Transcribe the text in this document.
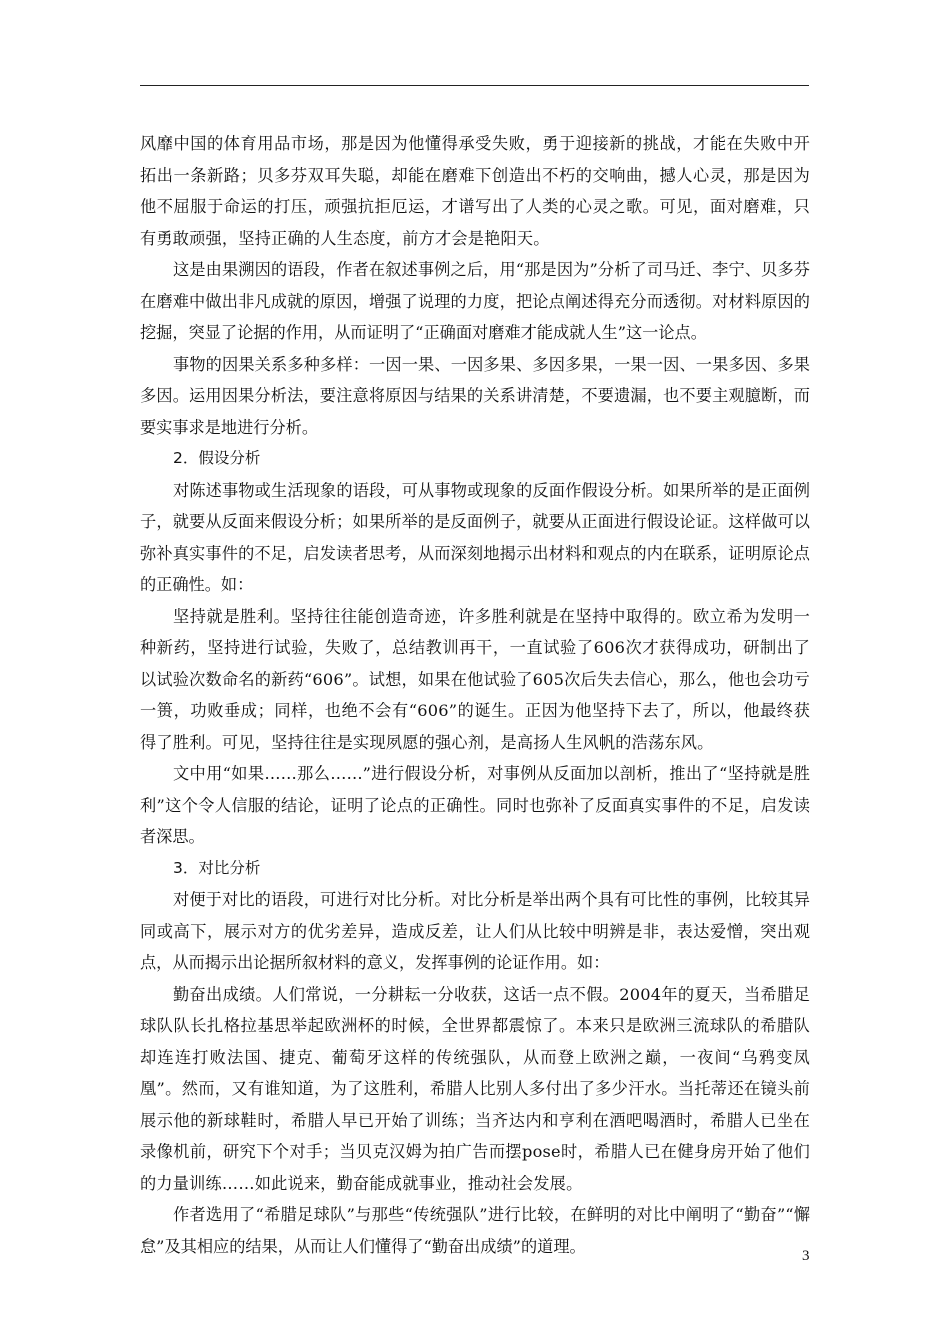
风靡中国的体育用品市场，那是因为他懂得承受失败，勇于迎接新的挑战，才能在失败中开拓出一条新路；贝多芬双耳失聪，却能在磨难下创造出不朽的交响曲，撼人心灵，那是因为他不屈服于命运的打压，顽强抗拒厄运，才谱写出了人类的心灵之歌。可见，面对磨难，只有勇敢顽强，坚持正确的人生态度，前方才会是艳阳天。

这是由果溯因的语段，作者在叙述事例之后，用“那是因为”分析了司马迁、李宁、贝多芬在磨难中做出非凡成就的原因，增强了说理的力度，把论点阐述得充分而透彻。对材料原因的挖掘，突显了论据的作用，从而证明了“正确面对磨难才能成就人生”这一论点。

事物的因果关系多种多样：一因一果、一因多果、多因多果，一果一因、一果多因、多果多因。运用因果分析法，要注意将原因与结果的关系讲清楚，不要遗漏，也不要主观臆断，而要实事求是地进行分析。

2．假设分析

对陈述事物或生活现象的语段，可从事物或现象的反面作假设分析。如果所举的是正面例子，就要从反面来假设分析；如果所举的是反面例子，就要从正面进行假设论证。这样做可以弥补真实事件的不足，启发读者思考，从而深刻地揭示出材料和观点的内在联系，证明原论点的正确性。如：

坚持就是胜利。坚持往往能创造奇迹，许多胜利就是在坚持中取得的。欧立希为发明一种新药，坚持进行试验，失败了，总结教训再干，一直试验了606次才获得成功，研制出了以试验次数命名的新药“606”。试想，如果在他试验了605次后失去信心，那么，他也会功亏一篑，功败垂成；同样，也绝不会有“606”的诞生。正因为他坚持下去了，所以，他最终获得了胜利。可见，坚持往往是实现夙愿的强心剂，是高扬人生风帆的浩荡东风。

文中用“如果……那么……”进行假设分析，对事例从反面加以剖析，推出了“坚持就是胜利”这个令人信服的结论，证明了论点的正确性。同时也弥补了反面真实事件的不足，启发读者深思。

3．对比分析

对便于对比的语段，可进行对比分析。对比分析是举出两个具有可比性的事例，比较其异同或高下，展示对方的优劣差异，造成反差，让人们从比较中明辨是非，表达爱憎，突出观点，从而揭示出论据所叙材料的意义，发挥事例的论证作用。如：

勤奋出成绩。人们常说，一分耕耘一分收获，这话一点不假。2004年的夏天，当希腊足球队队长扎格拉基思举起欧洲杯的时候，全世界都震惊了。本来只是欧洲三流球队的希腊队却连连打败法国、捷克、葡萄牙这样的传统强队，从而登上欧洲之巅，一夜间“乌鸦变凤凰”。然而，又有谁知道，为了这胜利，希腊人比别人多付出了多少汗水。当托蒂还在镜头前展示他的新球鞋时，希腊人早已开始了训练；当齐达内和亨利在酒吧喝酒时，希腊人已坐在录像机前，研究下个对手；当贝克汉姆为拍广告而摆pose时，希腊人已在健身房开始了他们的力量训练……如此说来，勤奋能成就事业，推动社会发展。

作者选用了“希腊足球队”与那些“传统强队”进行比较，在鲜明的对比中阐明了“勤奋”“懈怠”及其相应的结果，从而让人们懂得了“勤奋出成绩”的道理。

3
